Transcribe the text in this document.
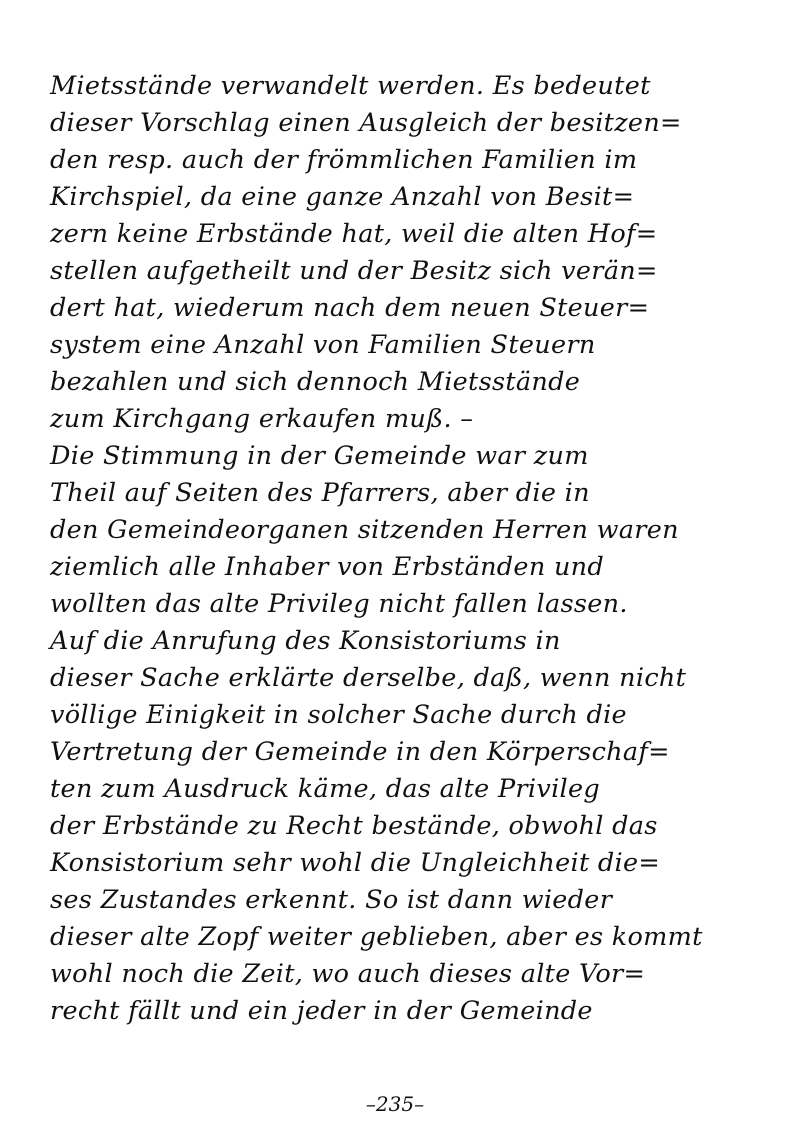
Mietsstände verwandelt werden. Es bedeutet
dieser Vorschlag einen Ausgleich der besitzen=
den resp. auch der frömmlichen Familien im
Kirchspiel, da eine ganze Anzahl von Besit=
zern keine Erbstände hat, weil die alten Hof=
stellen aufgetheilt und der Besitz sich verän=
dert hat, wiederum nach dem neuen Steuer=
system eine Anzahl von Familien Steuern
bezahlen und sich dennoch Mietsstände
zum Kirchgang erkaufen muß. –
Die Stimmung in der Gemeinde war zum
Theil auf Seiten des Pfarrers, aber die in
den Gemeindeorganen sitzenden Herren waren
ziemlich alle Inhaber von Erbständen und
wollten das alte Privileg nicht fallen lassen.
Auf die Anrufung des Konsistoriums in
dieser Sache erklärte derselbe, daß, wenn nicht
völlige Einigkeit in solcher Sache durch die
Vertretung der Gemeinde in den Körperschaf=
ten zum Ausdruck käme, das alte Privileg
der Erbstände zu Recht bestände, obwohl das
Konsistorium sehr wohl die Ungleichheit die=
ses Zustandes erkennt. So ist dann wieder
dieser alte Zopf weiter geblieben, aber es kommt
wohl noch die Zeit, wo auch dieses alte Vor=
recht fällt und ein jeder in der Gemeinde
–235–
